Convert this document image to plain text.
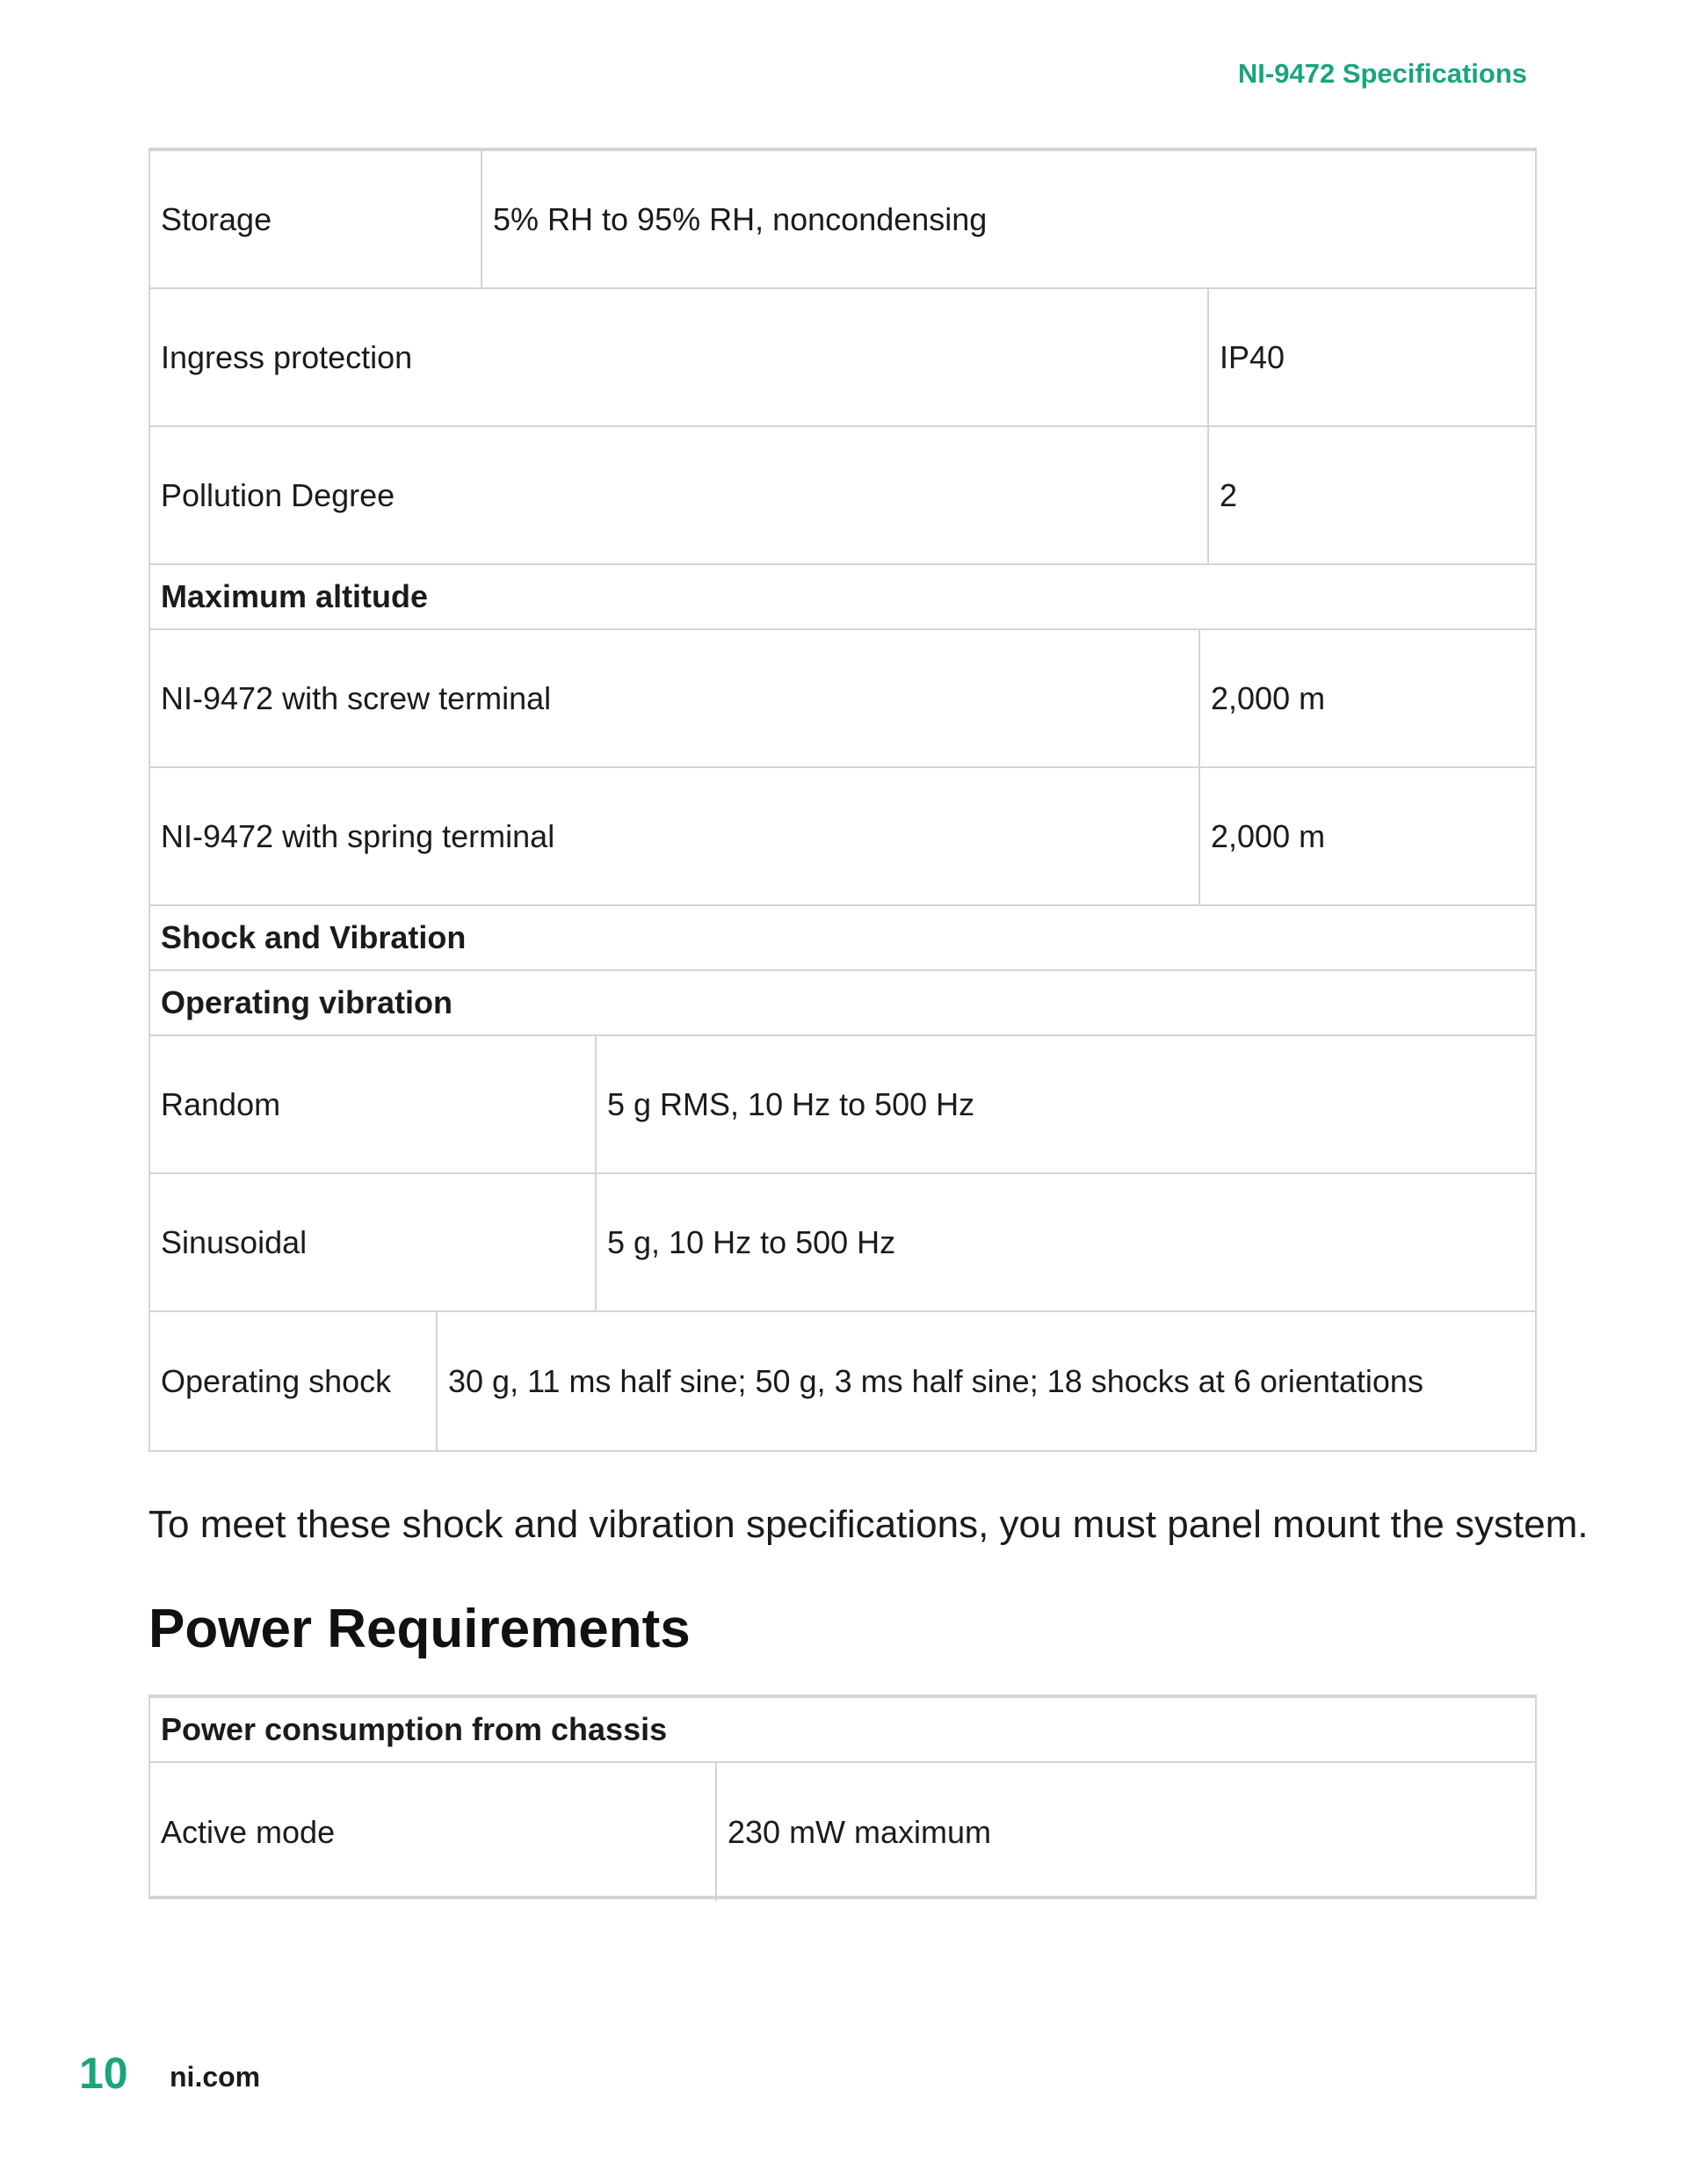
NI-9472 Specifications
Storage	5% RH to 95% RH, noncondensing
Ingress protection	IP40
Pollution Degree	2
Maximum altitude
NI-9472 with screw terminal	2,000 m
NI-9472 with spring terminal	2,000 m
Shock and Vibration
Operating vibration
Random	5 g RMS, 10 Hz to 500 Hz
Sinusoidal	5 g, 10 Hz to 500 Hz
Operating shock	30 g, 11 ms half sine; 50 g, 3 ms half sine; 18 shocks at 6 orientations
To meet these shock and vibration specifications, you must panel mount the system.
Power Requirements
Power consumption from chassis
Active mode	230 mW maximum
10 ni.com
